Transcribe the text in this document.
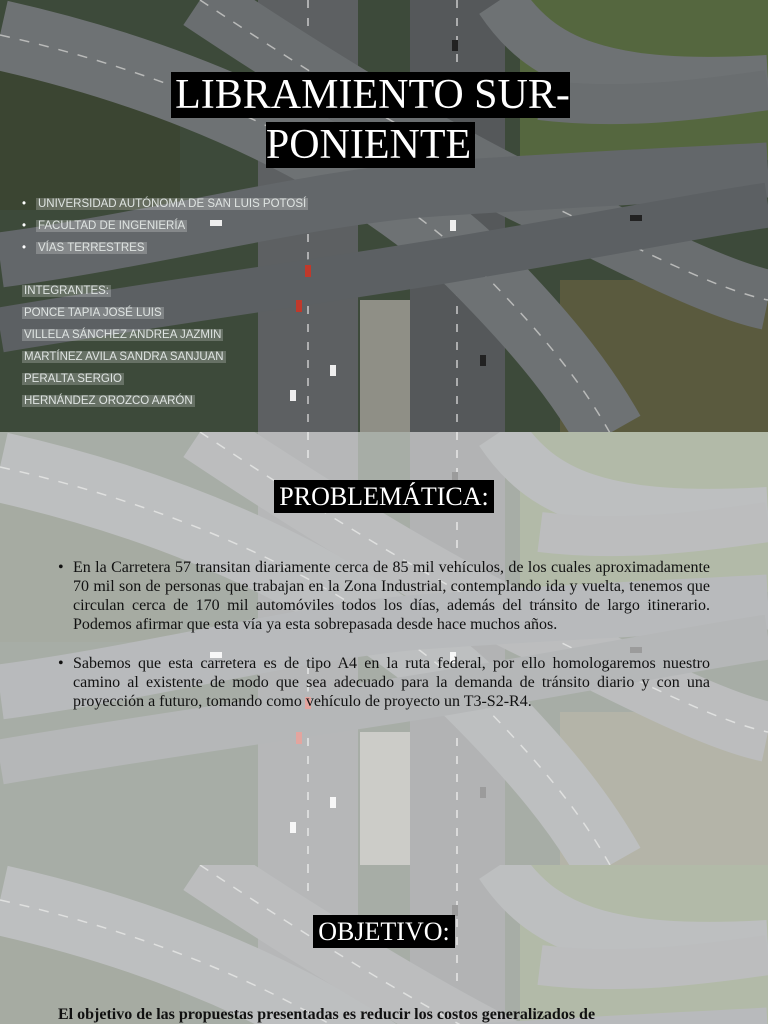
LIBRAMIENTO SUR-PONIENTE
• UNIVERSIDAD AUTÓNOMA DE SAN LUIS POTOSÍ
• FACULTAD DE INGENIERÍA
• VÍAS TERRESTRES
INTEGRANTES:
PONCE TAPIA JOSÉ LUIS
VILLELA SÁNCHEZ ANDREA JAZMIN
MARTÍNEZ AVILA SANDRA SANJUAN
PERALTA SERGIO
HERNÁNDEZ OROZCO AARÓN
PROBLEMÁTICA:
• En la Carretera 57 transitan diariamente cerca de 85 mil vehículos, de los cuales aproximadamente 70 mil son de personas que trabajan en la Zona Industrial, contemplando ida y vuelta, tenemos que circulan cerca de 170 mil automóviles todos los días, además del tránsito de largo itinerario. Podemos afirmar que esta vía ya esta sobrepasada desde hace muchos años.
• Sabemos que esta carretera es de tipo A4 en la ruta federal, por ello homologaremos nuestro camino al existente de modo que sea adecuado para la demanda de tránsito diario y con una proyección a futuro, tomando como vehículo de proyecto un T3-S2-R4.
OBJETIVO:
El objetivo de las propuestas presentadas es reducir los costos generalizados de
